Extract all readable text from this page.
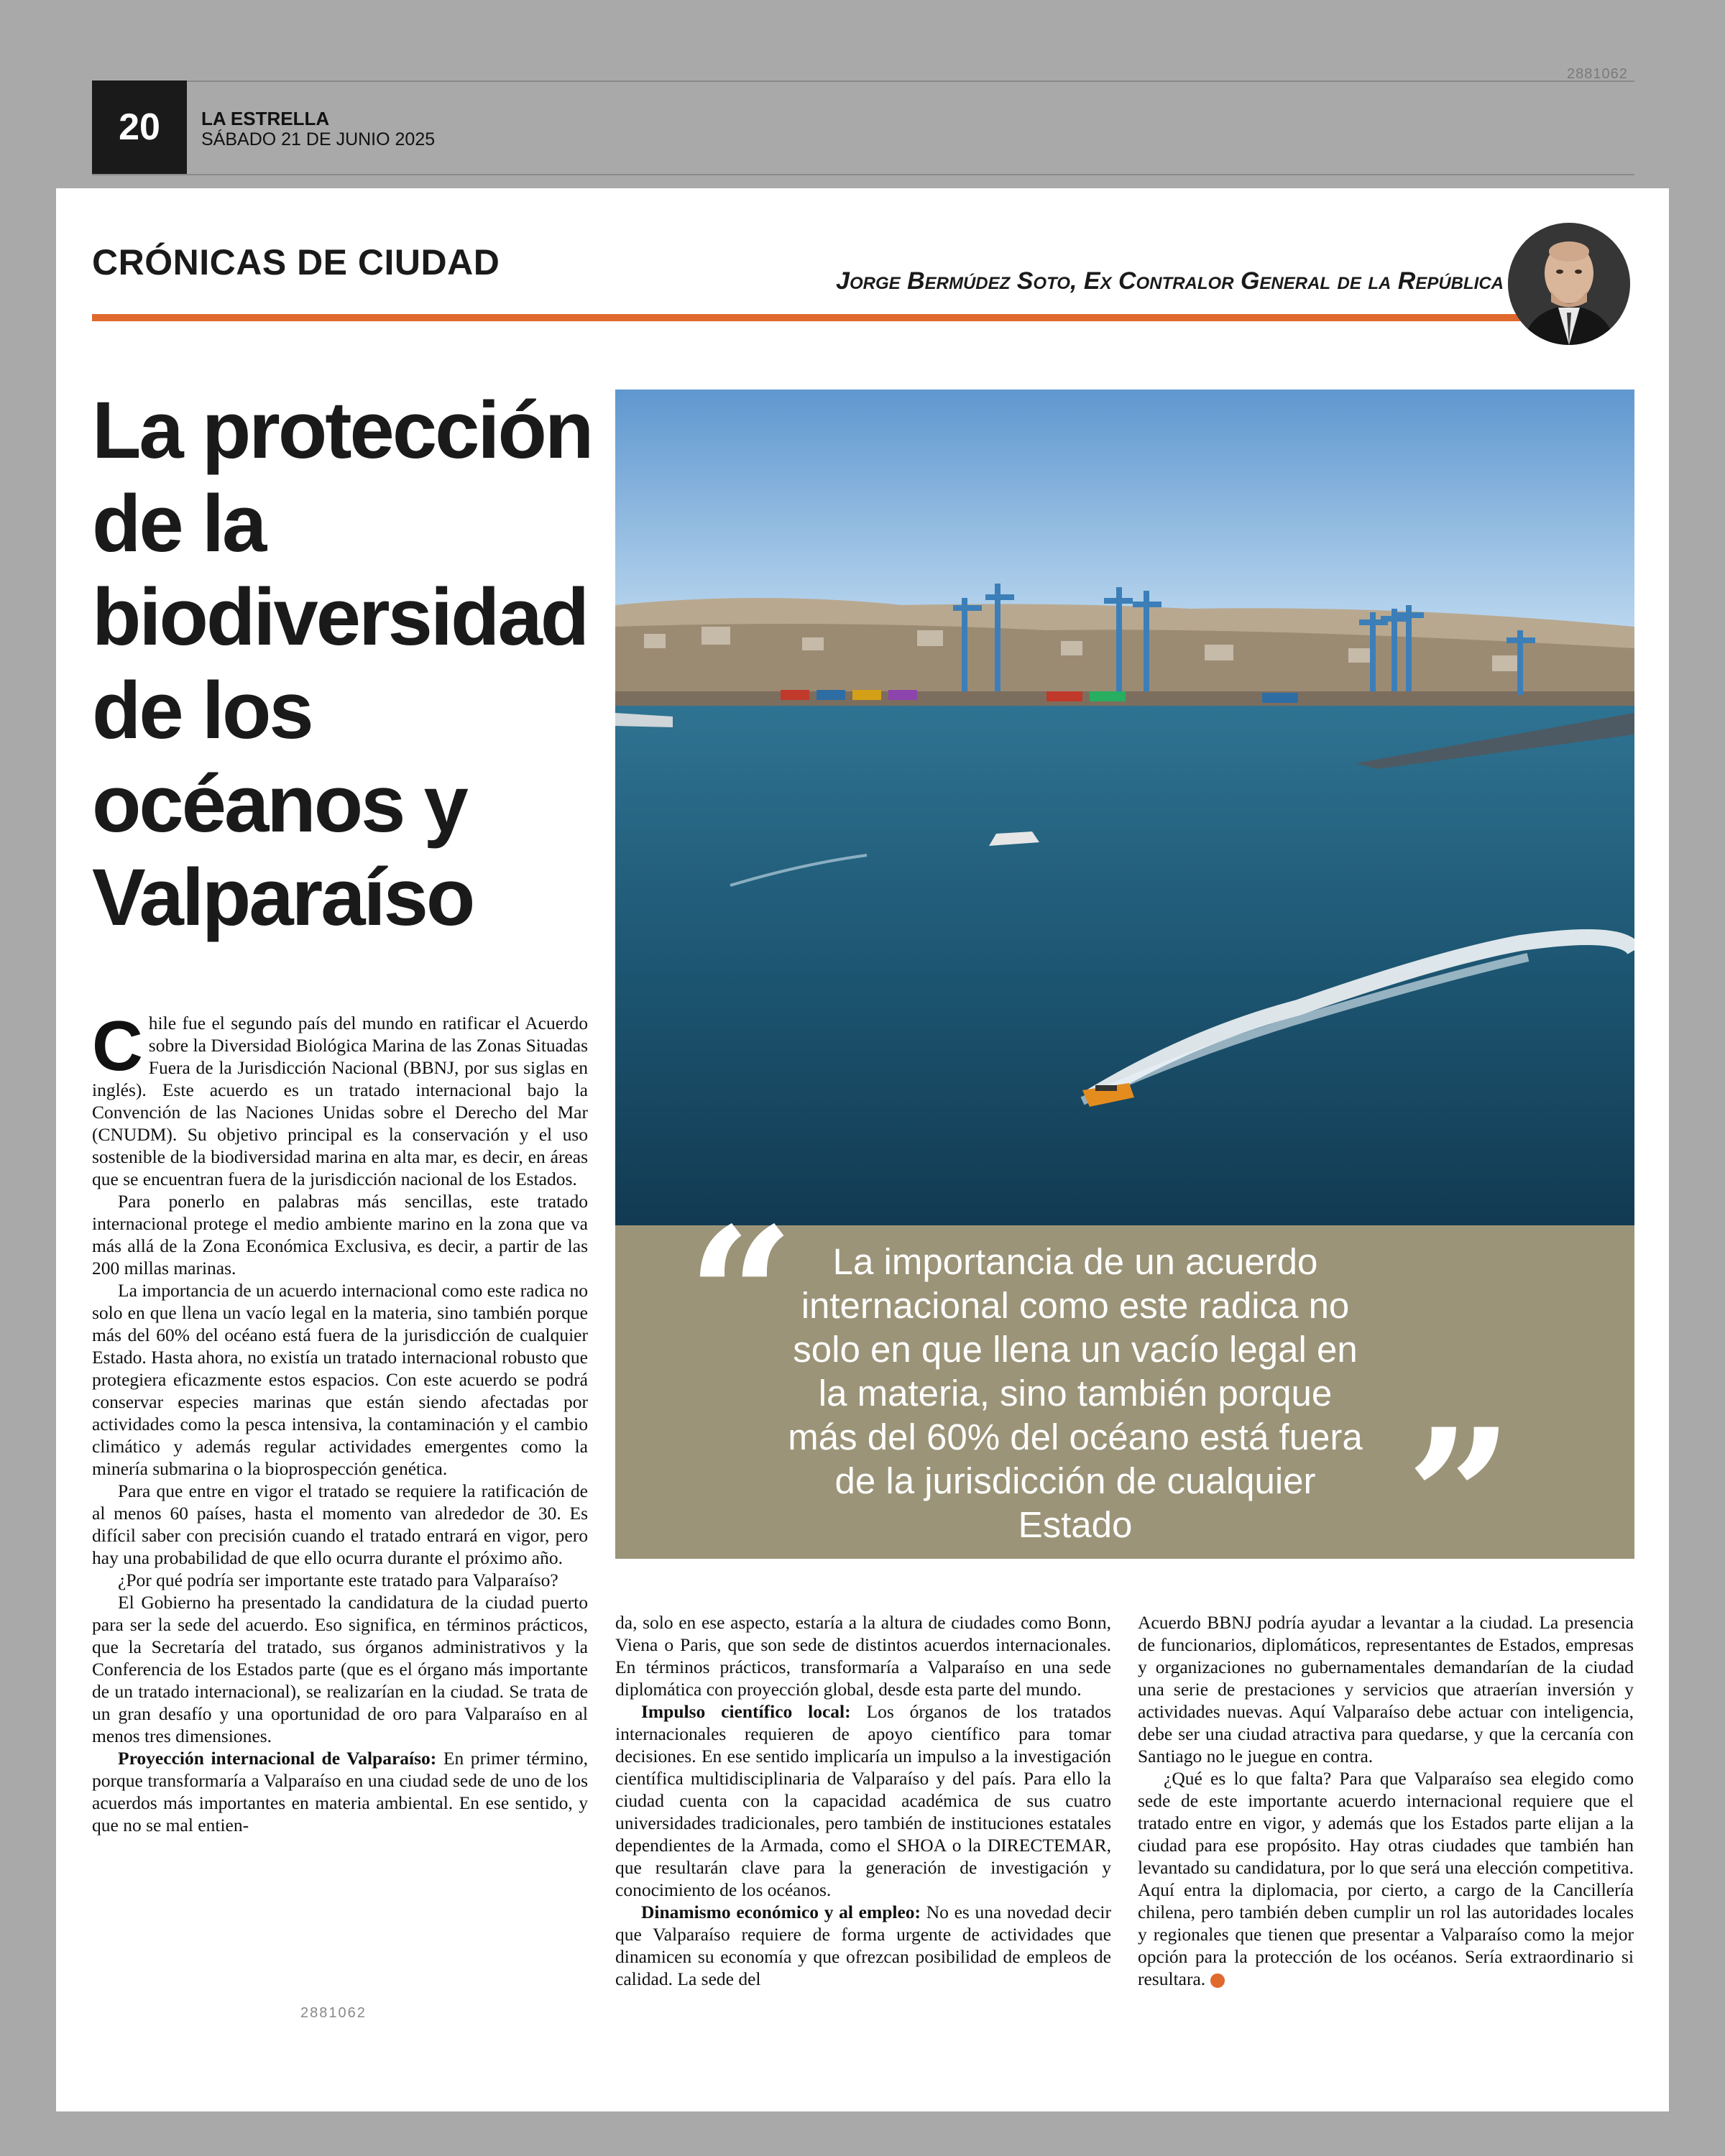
20	LA ESTRELLA
SÁBADO 21 DE JUNIO 2025
2881062
CRÓNICAS DE CIUDAD	Jorge Bermúdez Soto, Ex Contralor General de la República
La protección de la biodiversidad de los océanos y Valparaíso
“	La importancia de un acuerdo internacional como este radica no solo en que llena un vacío legal en la materia, sino también porque más del 60% del océano está fuera de la jurisdicción de cualquier Estado	”

Chile fue el segundo país del mundo en ratificar el Acuerdo sobre la Diversidad Biológica Marina de las Zonas Situadas Fuera de la Jurisdicción Nacional (BBNJ, por sus siglas en inglés). Este acuerdo es un tratado internacional bajo la Convención de las Naciones Unidas sobre el Derecho del Mar (CNUDM). Su objetivo principal es la conservación y el uso sostenible de la biodiversidad marina en alta mar, es decir, en áreas que se encuentran fuera de la jurisdicción nacional de los Estados.

Para ponerlo en palabras más sencillas, este tratado internacional protege el medio ambiente marino en la zona que va más allá de la Zona Económica Exclusiva, es decir, a partir de las 200 millas marinas.

La importancia de un acuerdo internacional como este radica no solo en que llena un vacío legal en la materia, sino también porque más del 60% del océano está fuera de la jurisdicción de cualquier Estado. Hasta ahora, no existía un tratado internacional robusto que protegiera eficazmente estos espacios. Con este acuerdo se podrá conservar especies marinas que están siendo afectadas por actividades como la pesca intensiva, la contaminación y el cambio climático y además regular actividades emergentes como la minería submarina o la bioprospección genética.

Para que entre en vigor el tratado se requiere la ratificación de al menos 60 países, hasta el momento van alrededor de 30. Es difícil saber con precisión cuando el tratado entrará en vigor, pero hay una probabilidad de que ello ocurra durante el próximo año.

¿Por qué podría ser importante este tratado para Valparaíso?

El Gobierno ha presentado la candidatura de la ciudad puerto para ser la sede del acuerdo. Eso significa, en términos prácticos, que la Secretaría del tratado, sus órganos administrativos y la Conferencia de los Estados parte (que es el órgano más importante de un tratado internacional), se realizarían en la ciudad. Se trata de un gran desafío y una oportunidad de oro para Valparaíso en al menos tres dimensiones.

Proyección internacional de Valparaíso: En primer término, porque transformaría a Valparaíso en una ciudad sede de uno de los acuerdos más importantes en materia ambiental. En ese sentido, y que no se mal entien-

da, solo en ese aspecto, estaría a la altura de ciudades como Bonn, Viena o Paris, que son sede de distintos acuerdos internacionales. En términos prácticos, transformaría a Valparaíso en una sede diplomática con proyección global, desde esta parte del mundo.

Impulso científico local: Los órganos de los tratados internacionales requieren de apoyo científico para tomar decisiones. En ese sentido implicaría un impulso a la investigación científica multidisciplinaria de Valparaíso y del país. Para ello la ciudad cuenta con la capacidad académica de sus cuatro universidades tradicionales, pero también de instituciones estatales dependientes de la Armada, como el SHOA o la DIRECTEMAR, que resultarán clave para la generación de investigación y conocimiento de los océanos.

Dinamismo económico y al empleo: No es una novedad decir que Valparaíso requiere de forma urgente de actividades que dinamicen su economía y que ofrezcan posibilidad de empleos de calidad. La sede del

Acuerdo BBNJ podría ayudar a levantar a la ciudad. La presencia de funcionarios, diplomáticos, representantes de Estados, empresas y organizaciones no gubernamentales demandarían de la ciudad una serie de prestaciones y servicios que atraerían inversión y actividades nuevas. Aquí Valparaíso debe actuar con inteligencia, debe ser una ciudad atractiva para quedarse, y que la cercanía con Santiago no le juegue en contra.

¿Qué es lo que falta? Para que Valparaíso sea elegido como sede de este importante acuerdo internacional requiere que el tratado entre en vigor, y además que los Estados parte elijan a la ciudad para ese propósito. Hay otras ciudades que también han levantado su candidatura, por lo que será una elección competitiva. Aquí entra la diplomacia, por cierto, a cargo de la Cancillería chilena, pero también deben cumplir un rol las autoridades locales y regionales que tienen que presentar a Valparaíso como la mejor opción para la protección de los océanos. Sería extraordinario si resultara.	○

2881062
